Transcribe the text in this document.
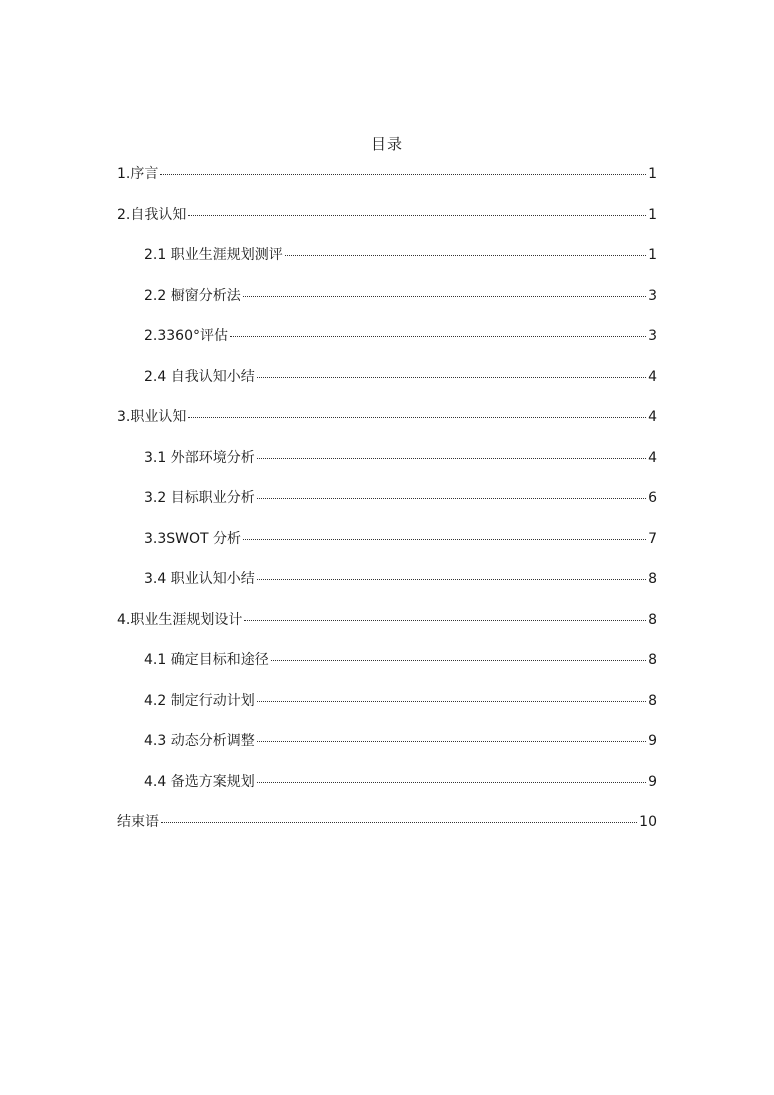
目录
1.序言	1
2.自我认知	1
2.1 职业生涯规划测评	1
2.2 橱窗分析法	3
2.3360°评估	3
2.4 自我认知小结	4
3.职业认知	4
3.1 外部环境分析	4
3.2 目标职业分析	6
3.3SWOT 分析	7
3.4 职业认知小结	8
4.职业生涯规划设计	8
4.1 确定目标和途径	8
4.2 制定行动计划	8
4.3 动态分析调整	9
4.4 备选方案规划	9
结束语	10
